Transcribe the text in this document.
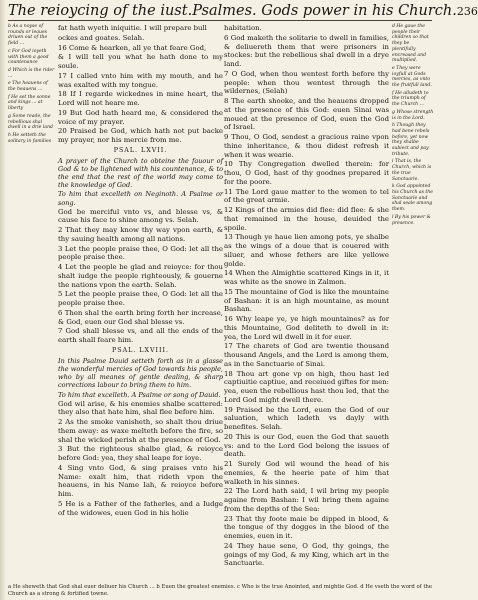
The reioycing of the iust. Psalmes. Gods power in his Church. 236

b As a noyse of rounds or leaues driuen out of the field ...

c For God ioyeth with them a good countenance

d Which is the rider ...

e The heauens of the heauens ...

f He set the sonne and kings ... at liberty

g Some reade, the rebellious shal dwell in a drie land

h He setteth the solitary in families

fat hath wyeth iniquitie. I will prepare bull

ockes and goates. Selah.

16 Come & hearken, all ye that feare God,

& I will tell you what he hath done to my soule.

17 I called vnto him with my mouth, and he was exalted with my tongue.

18 If I regarde wickednes in mine heart, the Lord will not heare me.

19 But God hath heard me, & considered the voice of my prayer.

20 Praised be God, which hath not put backe my prayer, nor his mercie from me.

PSAL. LXVII.

A prayer of the Church to obteine the fauour of God & to be lightened with his countenance, & to the end that the rest of the world may come to the knowledge of God.

To him that excelleth on Neginoth. A Psalme or song.

God be merciful vnto vs, and blesse vs, & cause his face to shine among vs. Selah.

2 That they may know thy way vpon earth, & thy sauing health among all nations.

3 Let the people praise thee, O God: let all the people praise thee.

4 Let the people be glad and reioyce: for thou shalt iudge the people righteously, & gouerne the nations vpon the earth. Selah.

5 Let the people praise thee, O God: let all the people praise thee.

6 Then shal the earth bring forth her increase, & God, euen our God shal blesse vs.

7 God shall blesse vs, and all the ends of the earth shall feare him.

PSAL. LXVIII.

In this Psalme Dauid setteth forth as in a glasse the wonderful mercies of God towards his people, who by all meanes of gentle dealing, & sharp corrections labour to bring them to him.

To him that excelleth. A Psalme or song of Dauid.

God wil arise, & his enemies shalbe scattered: they also that hate him, shal flee before him.

2 As the smoke vanisheth, so shalt thou driue them away: as waxe melteth before the fire, so shal the wicked perish at the presence of God.

3 But the righteous shalbe glad, & reioyce before God: yea, they shal leape for ioye.

4 Sing vnto God, & sing praises vnto his Name: exalt him, that rideth vpon the heauens, in his Name Iah, & reioyce before him.

5 He is a Father of the fatherles, and a Iudge of the widowes, euen God in his holie

habitation.

6 God maketh the solitarie to dwell in families, & deliuereth them that were prisoners in stockes: but the rebellious shal dwell in a drye land.

7 O God, when thou wentest forth before thy people: when thou wentest through the wildernes, (Selah)

8 The earth shooke, and the heauens dropped at the presence of this God: euen Sinai was moued at the presence of God, euen the God of Israel.

9 Thou, O God, sendest a gracious raine vpon thine inheritance, & thou didest refresh it when it was wearie.

10 Thy Congregation dwelled therein: for thou, O God, hast of thy goodnes prepared it for the poore.

11 The Lord gaue matter to the women to tel of the great armie.

12 Kings of the armies did flee: did flee: & she that remained in the house, deuided the spoile.

13 Though ye haue lien among pots, ye shalbe as the wings of a doue that is couered with siluer, and whose fethers are like yellowe golde.

14 When the Almightie scattered Kings in it, it was white as the snowe in Zalmon.

15 The mountaine of God is like the mountaine of Bashan: it is an high mountaine, as mount Bashan.

16 Why leape ye, ye high mountaines? as for this Mountaine, God deliteth to dwell in it: yea, the Lord wil dwell in it for euer.

17 The charets of God are twentie thousand thousand Angels, and the Lord is among them, as in the Sanctuarie of Sinai.

18 Thou art gone vp on high, thou hast led captiuitie captiue, and receiued giftes for men: yea, euen the rebellious hast thou led, that the Lord God might dwell there.

19 Praised be the Lord, euen the God of our saluation, which ladeth vs dayly with benefites. Selah.

20 This is our God, euen the God that saueth vs: and to the Lord God belong the issues of death.

21 Surely God wil wound the head of his enemies, & the heerie pate of him that walketh in his sinnes.

22 The Lord hath said, I wil bring my people againe from Bashan: I wil bring them againe from the depths of the Sea:

23 That thy foote maie be dipped in blood, & the tongue of thy dogges in the blood of the enemies, euen in it.

24 They haue sene, O God, thy goings, the goings of my God, & my King, which art in the Sanctuarie.

d He gaue the people their children so that they be plentifully encreased and multiplied.

e They were ioyfull at Gods mercies, as vnto the fruitfull land.

f He alludeth to the triumph of the Church ...

g Whose strength is in the Lord.

h Though they had bene rebels before, yet now they shalbe subiect and pay tribute.

i That is, the Church, which is the true Sanctuarie.

k God appointed his Church as the Sanctuarie and shal seale among them.

l By his power & presence.

a He sheweth that God shal euer deliuer his Church ... b Euen the greatest enemies. c Who is the true Anointed, and mightie God. d He vseth the word of the Church as a strong & fortified towne.
